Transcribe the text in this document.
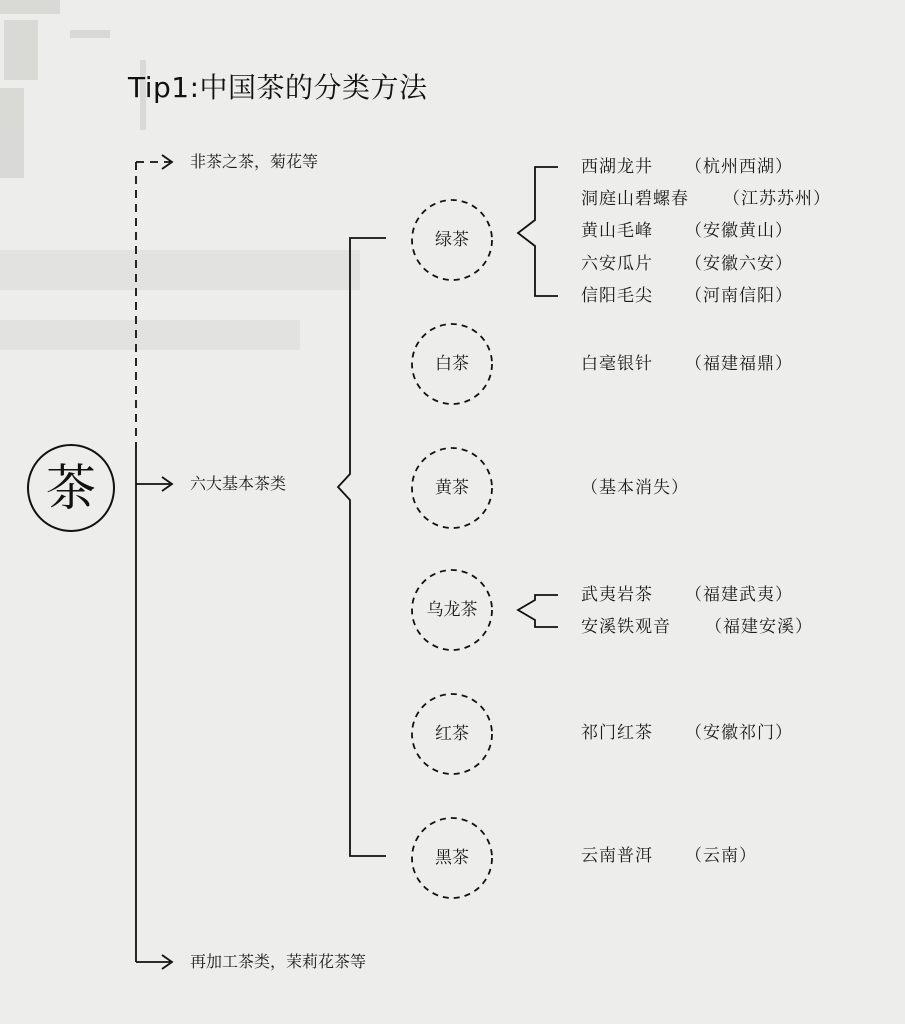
Tip1:中国茶的分类方法
茶
非茶之茶，菊花等
六大基本茶类
再加工茶类，茉莉花茶等
绿茶
白茶
黄茶
乌龙茶
红茶
黑茶
西湖龙井 （杭州西湖）
洞庭山碧螺春 （江苏苏州）
黄山毛峰 （安徽黄山）
六安瓜片 （安徽六安）
信阳毛尖 （河南信阳）
白毫银针 （福建福鼎）
（基本消失）
武夷岩茶 （福建武夷）
安溪铁观音 （福建安溪）
祁门红茶 （安徽祁门）
云南普洱 （云南）
